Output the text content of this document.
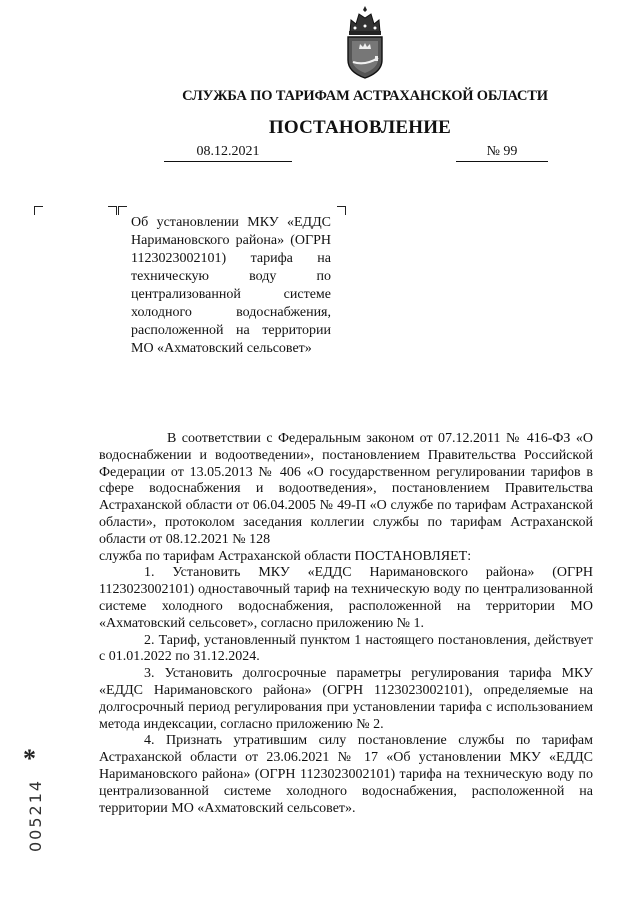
СЛУЖБА ПО ТАРИФАМ АСТРАХАНСКОЙ ОБЛАСТИ
ПОСТАНОВЛЕНИЕ
08.12.2021	№ 99
Об установлении МКУ «ЕДДС Наримановского района» (ОГРН 1123023002101) тарифа на техническую воду по централизованной системе холодного водоснабжения, расположенной на территории МО «Ахматовский сельсовет»

В соответствии с Федеральным законом от 07.12.2011 № 416-ФЗ «О водоснабжении и водоотведении», постановлением Правительства Российской Федерации от 13.05.2013 № 406 «О государственном регулировании тарифов в сфере водоснабжения и водоотведения», постановлением Правительства Астраханской области от 06.04.2005 № 49-П «О службе по тарифам Астраханской области», протоколом заседания коллегии службы по тарифам Астраханской области от 08.12.2021 № 128

служба по тарифам Астраханской области ПОСТАНОВЛЯЕТ:

1. Установить МКУ «ЕДДС Наримановского района» (ОГРН 1123023002101) одноставочный тариф на техническую воду по централизованной системе холодного водоснабжения, расположенной на территории МО «Ахматовский сельсовет», согласно приложению № 1.

2. Тариф, установленный пунктом 1 настоящего постановления, действует с 01.01.2022 по 31.12.2024.

3. Установить долгосрочные параметры регулирования тарифа МКУ «ЕДДС Наримановского района» (ОГРН 1123023002101), определяемые на долгосрочный период регулирования при установлении тарифа с использованием метода индексации, согласно приложению № 2.

4. Признать утратившим силу постановление службы по тарифам Астраханской области от 23.06.2021 № 17 «Об установлении МКУ «ЕДДС Наримановского района» (ОГРН 1123023002101) тарифа на техническую воду по централизованной системе холодного водоснабжения, расположенной на территории МО «Ахматовский сельсовет».

*
005214
